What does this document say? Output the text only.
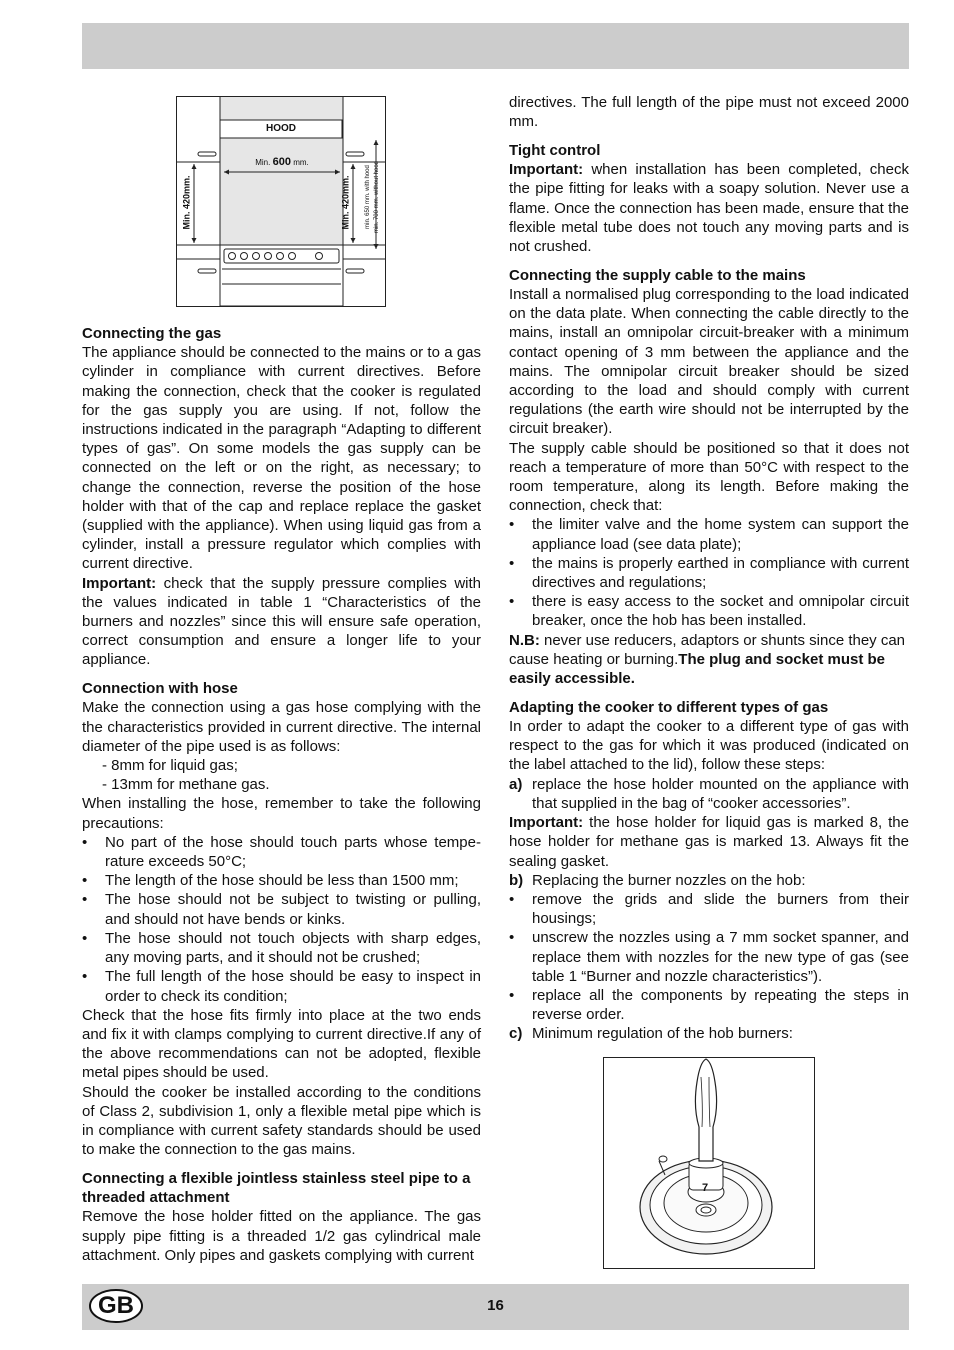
HOOD
Min. 600 mm.
Min. 420mm.	Min. 420mm. min. 650 mm. with hood min. 700 mm. without hood
Connecting the gas

The appliance should be connected to the mains or to a gas cylinder in compliance with current directives. Before making the connection, check that the cooker is regulated for the gas supply you are using. If not, follow the instructions indicated in the paragraph “Adapting to different types of gas”. On some models the gas supply can be connected on the left or on the right, as necessary; to change the connection, reverse the position of the hose holder with that of the cap and replace replace the gasket (supplied with the appliance). When using liquid gas from a cylinder, install a pressure regulator which complies with current directive.

Important: check that the supply pressure complies with the values indicated in table 1 “Characteristics of the burners and nozzles” since this will ensure safe operation, correct consumption and ensure a longer life to your appliance.

Connection with hose

Make the connection using a gas hose complying with the the characteristics provided in current directive. The internal diameter of the pipe used is as follows:

- 8mm for liquid gas;

- 13mm for methane gas.

When installing the hose, remember to take the following precautions:

• No part of the hose should touch parts whose tempe-rature exceeds 50°C;
• The length of the hose should be less than 1500 mm;
• The hose should not be subject to twisting or pulling, and should not have bends or kinks.
• The hose should not touch objects with sharp edges, any moving parts, and it should not be crushed;
• The full length of the hose should be easy to inspect in order to check its condition;

Check that the hose fits firmly into place at the two ends and fix it with clamps complying to current directive.If any of the above recommendations can not be adopted, flexible metal pipes should be used.

Should the cooker be installed according to the conditions of Class 2, subdivision 1, only a flexible metal pipe which is in compliance with current safety standards should be used to make the connection to the gas mains.

Connecting a flexible jointless stainless steel pipe to a threaded attachment

Remove the hose holder fitted on the appliance. The gas supply pipe fitting is a threaded 1/2 gas cylindrical male attachment. Only pipes and gaskets complying with current

directives. The full length of the pipe must not exceed 2000 mm.

Tight control

Important: when installation has been completed, check the pipe fitting for leaks with a soapy solution. Never use a flame. Once the connection has been made, ensure that the flexible metal tube does not touch any moving parts and is not crushed.

Connecting the supply cable to the mains

Install a normalised plug corresponding to the load indicated on the data plate. When connecting the cable directly to the mains, install an omnipolar circuit-breaker with a minimum contact opening of 3 mm between the appliance and the mains. The omnipolar circuit breaker should be sized according to the load and should comply with current regulations (the earth wire should not be interrupted by the circuit breaker).

The supply cable should be positioned so that it does not reach a temperature of more than 50°C with respect to the room temperature, along its length. Before making the connection, check that:

• the limiter valve and the home system can support the appliance load (see data plate);
• the mains is properly earthed in compliance with current directives and regulations;
• there is easy access to the socket and omnipolar circuit breaker, once the hob has been installed.

N.B: never use reducers, adaptors or shunts since they can cause heating or burning.The plug and socket must be easily accessible.

Adapting the cooker to different types of gas

In order to adapt the cooker to a different type of gas with respect to the gas for which it was produced (indicated on the label attached to the lid), follow these steps:

a) replace the hose holder mounted on the appliance with that supplied in the bag of “cooker accessories”.

Important: the hose holder for liquid gas is marked 8, the hose holder for methane gas is marked 13. Always fit the sealing gasket.

b) Replacing the burner nozzles on the hob:
• remove the grids and slide the burners from their housings;
• unscrew the nozzles using a 7 mm socket spanner, and replace them with nozzles for the new type of gas (see table 1 “Burner and nozzle characteristics”).
• replace all the components by repeating the steps in reverse order.
c) Minimum regulation of the hob burners:
7
GB	16
